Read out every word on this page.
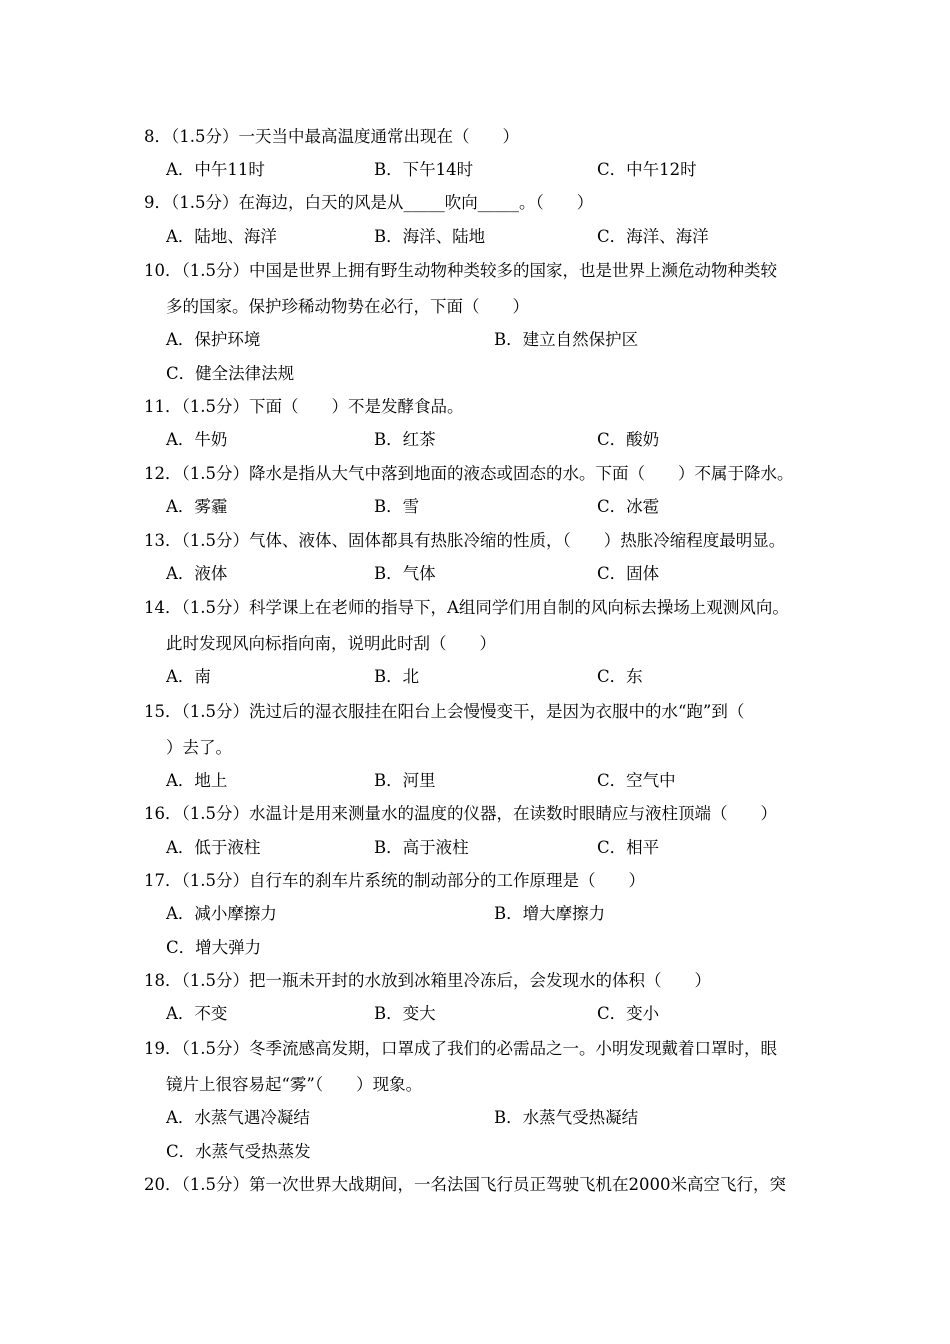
8．（1.5分）一天当中最高温度通常出现在（　　）
A．中午11时	B．下午14时	C．中午12时
9．（1.5分）在海边，白天的风是从_____吹向_____。（　　）
A．陆地、海洋	B．海洋、陆地	C．海洋、海洋
10．（1.5分）中国是世界上拥有野生动物种类较多的国家，也是世界上濒危动物种类较
多的国家。保护珍稀动物势在必行，下面（　　）
A．保护环境	B．建立自然保护区
C．健全法律法规
11．（1.5分）下面（　　）不是发酵食品。
A．牛奶	B．红茶	C．酸奶
12．（1.5分）降水是指从大气中落到地面的液态或固态的水。下面（　　）不属于降水。
A．雾霾	B．雪	C．冰雹
13．（1.5分）气体、液体、固体都具有热胀冷缩的性质，（　　）热胀冷缩程度最明显。
A．液体	B．气体	C．固体
14．（1.5分）科学课上在老师的指导下，A组同学们用自制的风向标去操场上观测风向。
此时发现风向标指向南，说明此时刮（　　）
A．南	B．北	C．东
15．（1.5分）洗过后的湿衣服挂在阳台上会慢慢变干，是因为衣服中的水“跑”到（
）去了。
A．地上	B．河里	C．空气中
16．（1.5分）水温计是用来测量水的温度的仪器，在读数时眼睛应与液柱顶端（　　）
A．低于液柱	B．高于液柱	C．相平
17．（1.5分）自行车的刹车片系统的制动部分的工作原理是（　　）
A．减小摩擦力	B．增大摩擦力
C．增大弹力
18．（1.5分）把一瓶未开封的水放到冰箱里冷冻后，会发现水的体积（　　）
A．不变	B．变大	C．变小
19．（1.5分）冬季流感高发期，口罩成了我们的必需品之一。小明发现戴着口罩时，眼
镜片上很容易起“雾”（　　）现象。
A．水蒸气遇冷凝结	B．水蒸气受热凝结
C．水蒸气受热蒸发
20．（1.5分）第一次世界大战期间，一名法国飞行员正驾驶飞机在2000米高空飞行，突
